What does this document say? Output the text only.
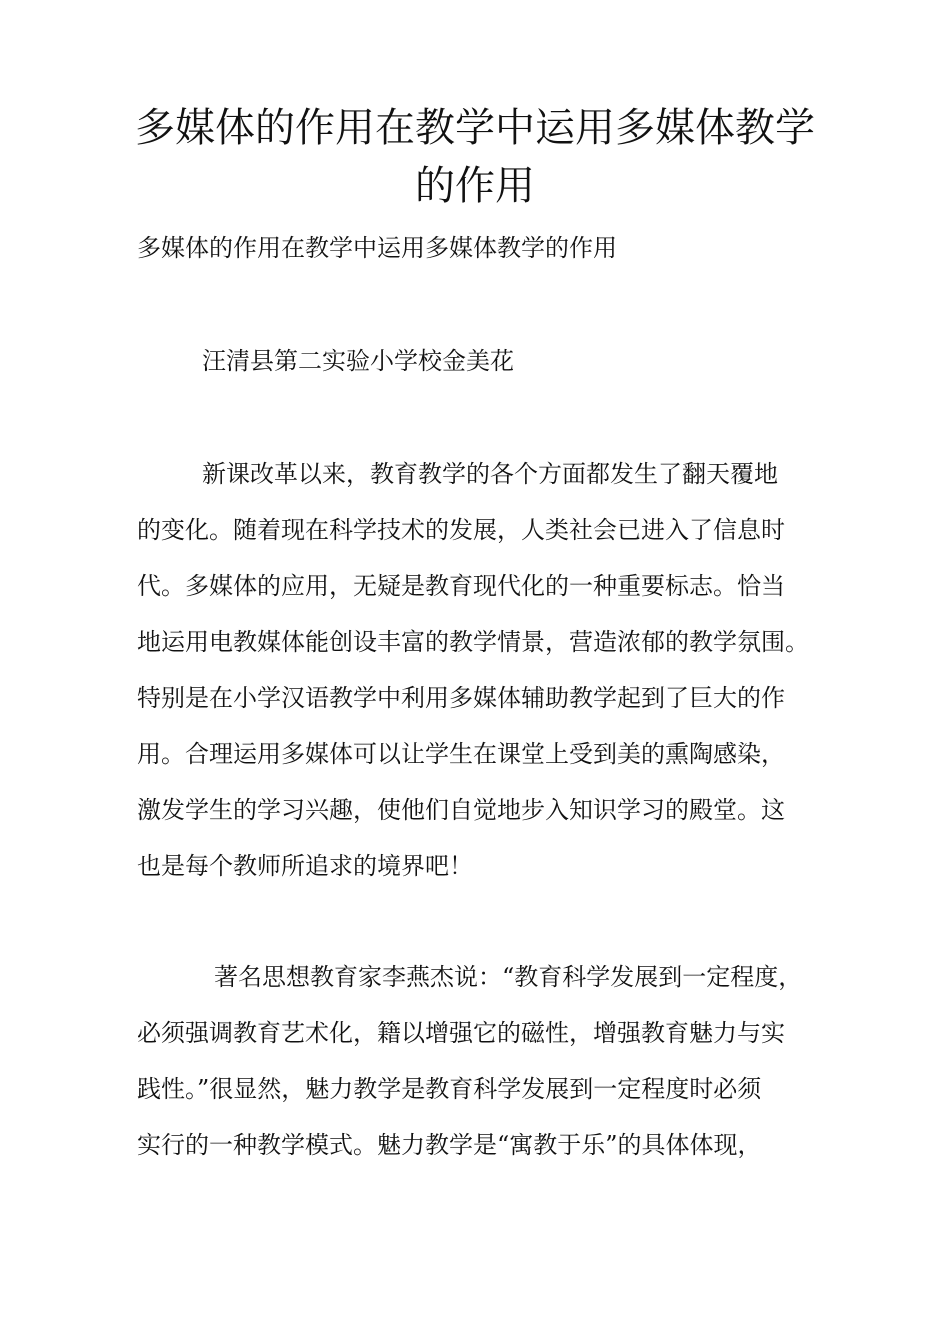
多媒体的作用在教学中运用多媒体教学
的作用
多媒体的作用在教学中运用多媒体教学的作用
汪清县第二实验小学校金美花
新课改革以来，教育教学的各个方面都发生了翻天覆地
的变化。随着现在科学技术的发展，人类社会已进入了信息时
代。多媒体的应用，无疑是教育现代化的一种重要标志。恰当
地运用电教媒体能创设丰富的教学情景，营造浓郁的教学氛围。
特别是在小学汉语教学中利用多媒体辅助教学起到了巨大的作
用。合理运用多媒体可以让学生在课堂上受到美的熏陶感染，
激发学生的学习兴趣，使他们自觉地步入知识学习的殿堂。这
也是每个教师所追求的境界吧！
著名思想教育家李燕杰说：“教育科学发展到一定程度，
必须强调教育艺术化，籍以增强它的磁性，增强教育魅力与实
践性。”很显然，魅力教学是教育科学发展到一定程度时必须
实行的一种教学模式。魅力教学是“寓教于乐”的具体体现，
